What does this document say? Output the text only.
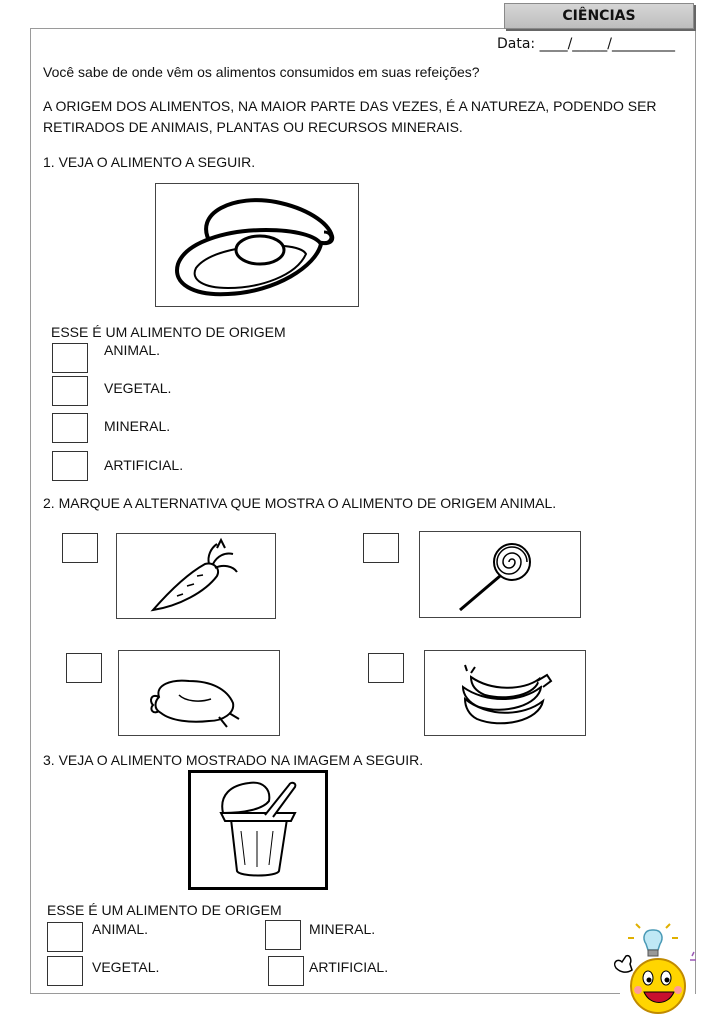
CIÊNCIAS
Data: ____/_____/_________
Você sabe de onde vêm os alimentos consumidos em suas refeições?
A ORIGEM DOS ALIMENTOS, NA MAIOR PARTE DAS VEZES, É A NATUREZA, PODENDO SER
RETIRADOS DE ANIMAIS, PLANTAS OU RECURSOS MINERAIS.
1. VEJA O ALIMENTO A SEGUIR.
ESSE É UM ALIMENTO DE ORIGEM
ANIMAL.
VEGETAL.
MINERAL.
ARTIFICIAL.
2. MARQUE A ALTERNATIVA QUE MOSTRA O ALIMENTO DE ORIGEM ANIMAL.
3. VEJA O ALIMENTO MOSTRADO NA IMAGEM A SEGUIR.
ESSE É UM ALIMENTO DE ORIGEM
ANIMAL.	MINERAL.
VEGETAL.	ARTIFICIAL.
